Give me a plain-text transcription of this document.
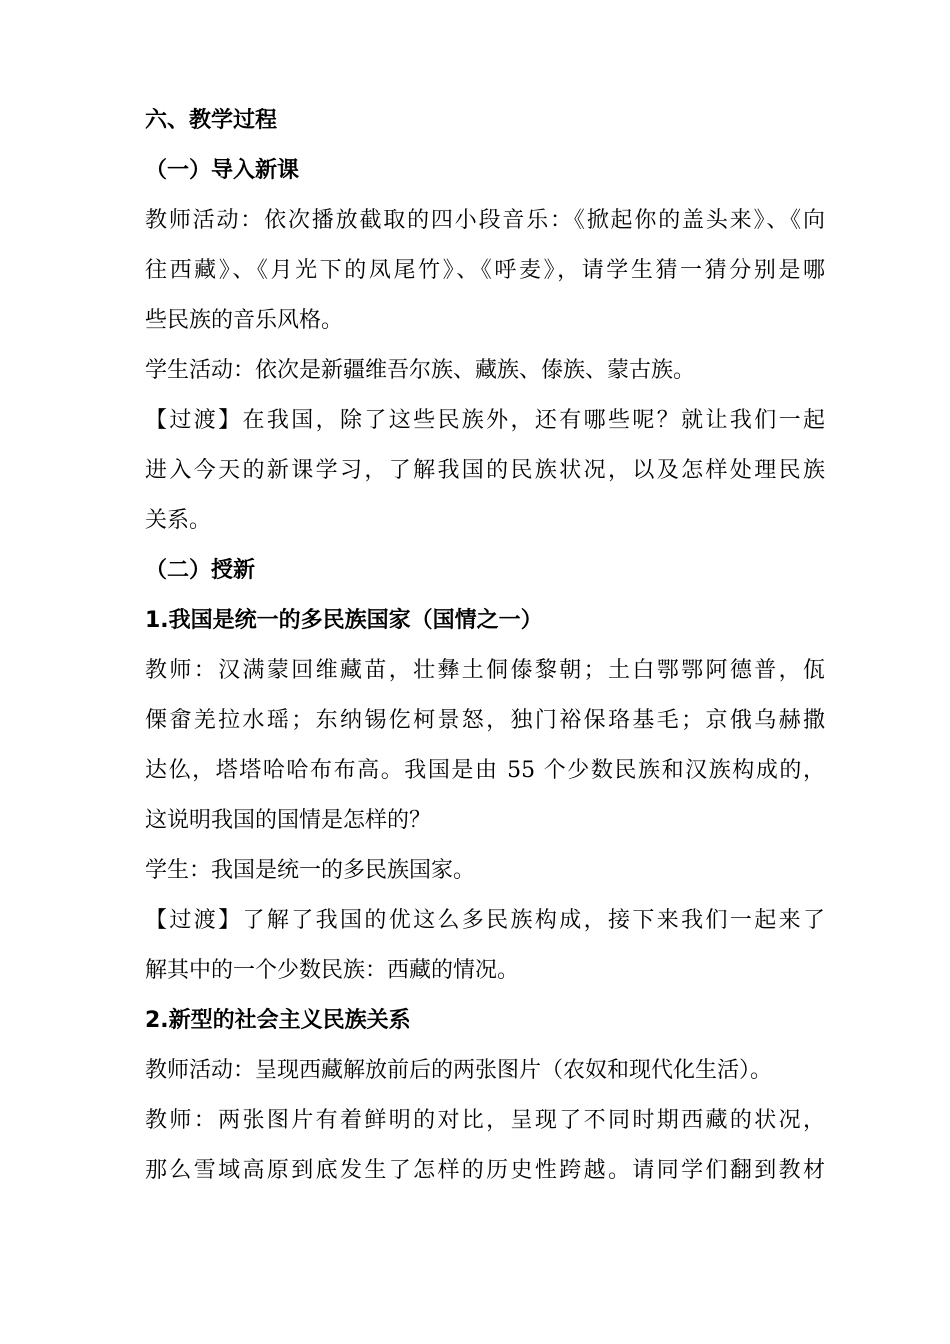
六、教学过程
（一）导入新课
教师活动：依次播放截取的四小段音乐：《掀起你的盖头来》、《向
往西藏》、《月光下的凤尾竹》、《呼麦》，请学生猜一猜分别是哪
些民族的音乐风格。
学生活动：依次是新疆维吾尔族、藏族、傣族、蒙古族。
【过渡】在我国，除了这些民族外，还有哪些呢？就让我们一起
进入今天的新课学习，了解我国的民族状况，以及怎样处理民族
关系。
（二）授新
1.我国是统一的多民族国家（国情之一）
教师：汉满蒙回维藏苗，壮彝土侗傣黎朝；土白鄂鄂阿德普，佤
傈畲羌拉水瑶；东纳锡仡柯景怒，独门裕保珞基毛；京俄乌赫撒
达仫，塔塔哈哈布布高。我国是由 55 个少数民族和汉族构成的，
这说明我国的国情是怎样的？
学生：我国是统一的多民族国家。
【过渡】了解了我国的优这么多民族构成，接下来我们一起来了
解其中的一个少数民族：西藏的情况。
2.新型的社会主义民族关系
教师活动：呈现西藏解放前后的两张图片（农奴和现代化生活）。
教师：两张图片有着鲜明的对比，呈现了不同时期西藏的状况，
那么雪域高原到底发生了怎样的历史性跨越。请同学们翻到教材
